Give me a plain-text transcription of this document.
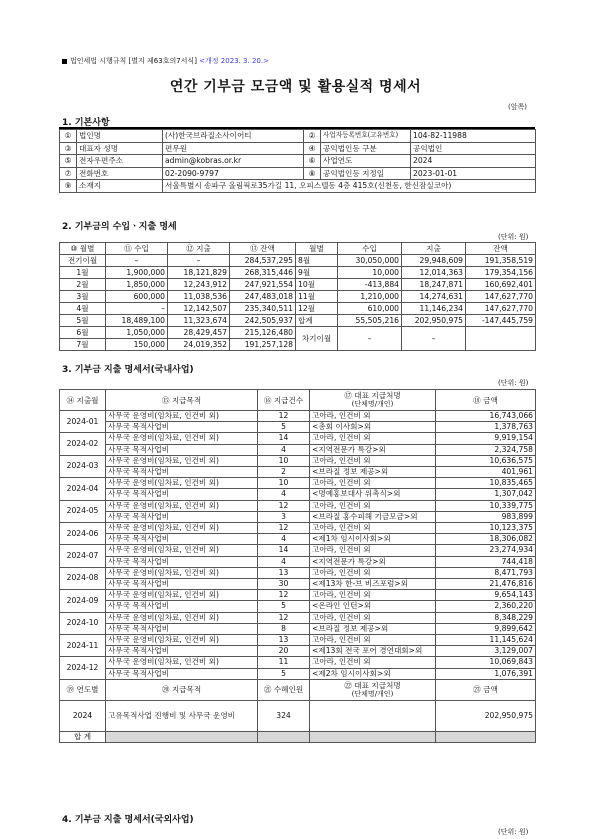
법인세법 시행규칙 [별지 제63호의7서식] <개정 2023. 3. 20.>
연간 기부금 모금액 및 활용실적 명세서
(앞쪽)
1. 기본사항
①	법인명	(사)한국브라질소사이어티	②	사업자등록번호(고유번호)	104-82-11988
③	대표자 성명	편무원	④	공익법인등 구분	공익법인
⑤	전자우편주소	admin@kobras.or.kr	⑥	사업연도	2024
⑦	전화번호	02-2090-9797	⑧	공익법인등 지정일	2023-01-01
⑨	소재지	서울특별시 송파구 올림픽로35가길 11, 오피스텔동 4층 415호(신천동, 한신잠실코아)			
2. 기부금의 수입ㆍ지출 명세
(단위: 원)
⑩ 월별	⑪ 수입	⑫ 지출	⑬ 잔액	월별	수입	지출	잔액
전기이월	–	–	284,537,295	8월	30,050,000	29,948,609	191,358,519
1월	1,900,000	18,121,829	268,315,446	9월	10,000	12,014,363	179,354,156
2월	1,850,000	12,243,912	247,921,554	10월	-413,884	18,247,871	160,692,401
3월	600,000	11,038,536	247,483,018	11월	1,210,000	14,274,631	147,627,770
4월	–	12,142,507	235,340,511	12월	610,000	11,146,234	147,627,770
5월	18,489,100	11,323,674	242,505,937	합계	55,505,216	202,950,975	-147,445,759
6월	1,050,000	28,429,457	215,126,480	차기이월	–	–	
7월	150,000	24,019,352	191,257,128				
3. 기부금 지출 명세서(국내사업)
(단위: 원)
⑭ 지출월	⑮ 지급목적	⑯ 지급건수	⑰ 대표 지급처명
(단체명/개인)	⑱ 금액

2024-01	사무국 운영비(임차료, 인건비 외)	12	고아라, 인건비 외	16,743,066
	사무국 목적사업비	5	<총회 이사회>외	1,378,763
2024-02	사무국 운영비(임차료, 인건비 외)	14	고아라, 인건비 외	9,919,154
	사무국 목적사업비	4	<지역전문가 특강>외	2,324,758
2024-03	사무국 운영비(임차료, 인건비 외)	10	고아라, 인건비 외	10,636,575
	사무국 목적사업비	2	<브라질 정보 제공>외	401,961
2024-04	사무국 운영비(임차료, 인건비 외)	10	고아라, 인건비 외	10,835,465
	사무국 목적사업비	4	<명예홍보대사 위촉식>외	1,307,042
2024-05	사무국 운영비(임차료, 인건비 외)	12	고아라, 인건비 외	10,339,775
	사무국 목적사업비	3	<브라질 홍수피해 기금모금>외	983,899
2024-06	사무국 운영비(임차료, 인건비 외)	12	고아라, 인건비 외	10,123,375
	사무국 목적사업비	4	<제1차 임시이사회>외	18,306,082
2024-07	사무국 운영비(임차료, 인건비 외)	14	고아라, 인건비 외	23,274,934
	사무국 목적사업비	4	<지역전문가 특강>외	744,418
2024-08	사무국 운영비(임차료, 인건비 외)	13	고아라, 인건비 외	8,471,793
	사무국 목적사업비	30	<제13차 한-브 비즈포럼>외	21,476,816
2024-09	사무국 운영비(임차료, 인건비 외)	12	고아라, 인건비 외	9,654,143
	사무국 목적사업비	5	<온라인 인턴>외	2,360,220
2024-10	사무국 운영비(임차료, 인건비 외)	12	고아라, 인건비 외	8,348,229
	사무국 목적사업비	8	<브라질 정보 제공>외	9,899,642
2024-11	사무국 운영비(임차료, 인건비 외)	13	고아라, 인건비 외	11,145,624
	사무국 목적사업비	20	<제13회 전국 포어 경연대회>외	3,129,007
2024-12	사무국 운영비(임차료, 인건비 외)	11	고아라, 인건비 외	10,069,843
	사무국 목적사업비	5	<제2차 임시이사회>외	1,076,391

⑲ 연도별	⑳ 지급목적	㉑ 수혜인원	㉒ 대표 지급처명
(단체명/개인)	㉓ 금액

2024	고유목적사업 진행비 및 사무국 운영비	324		202,950,975
합 계				
4. 기부금 지출 명세서(국외사업)
(단위: 원)
